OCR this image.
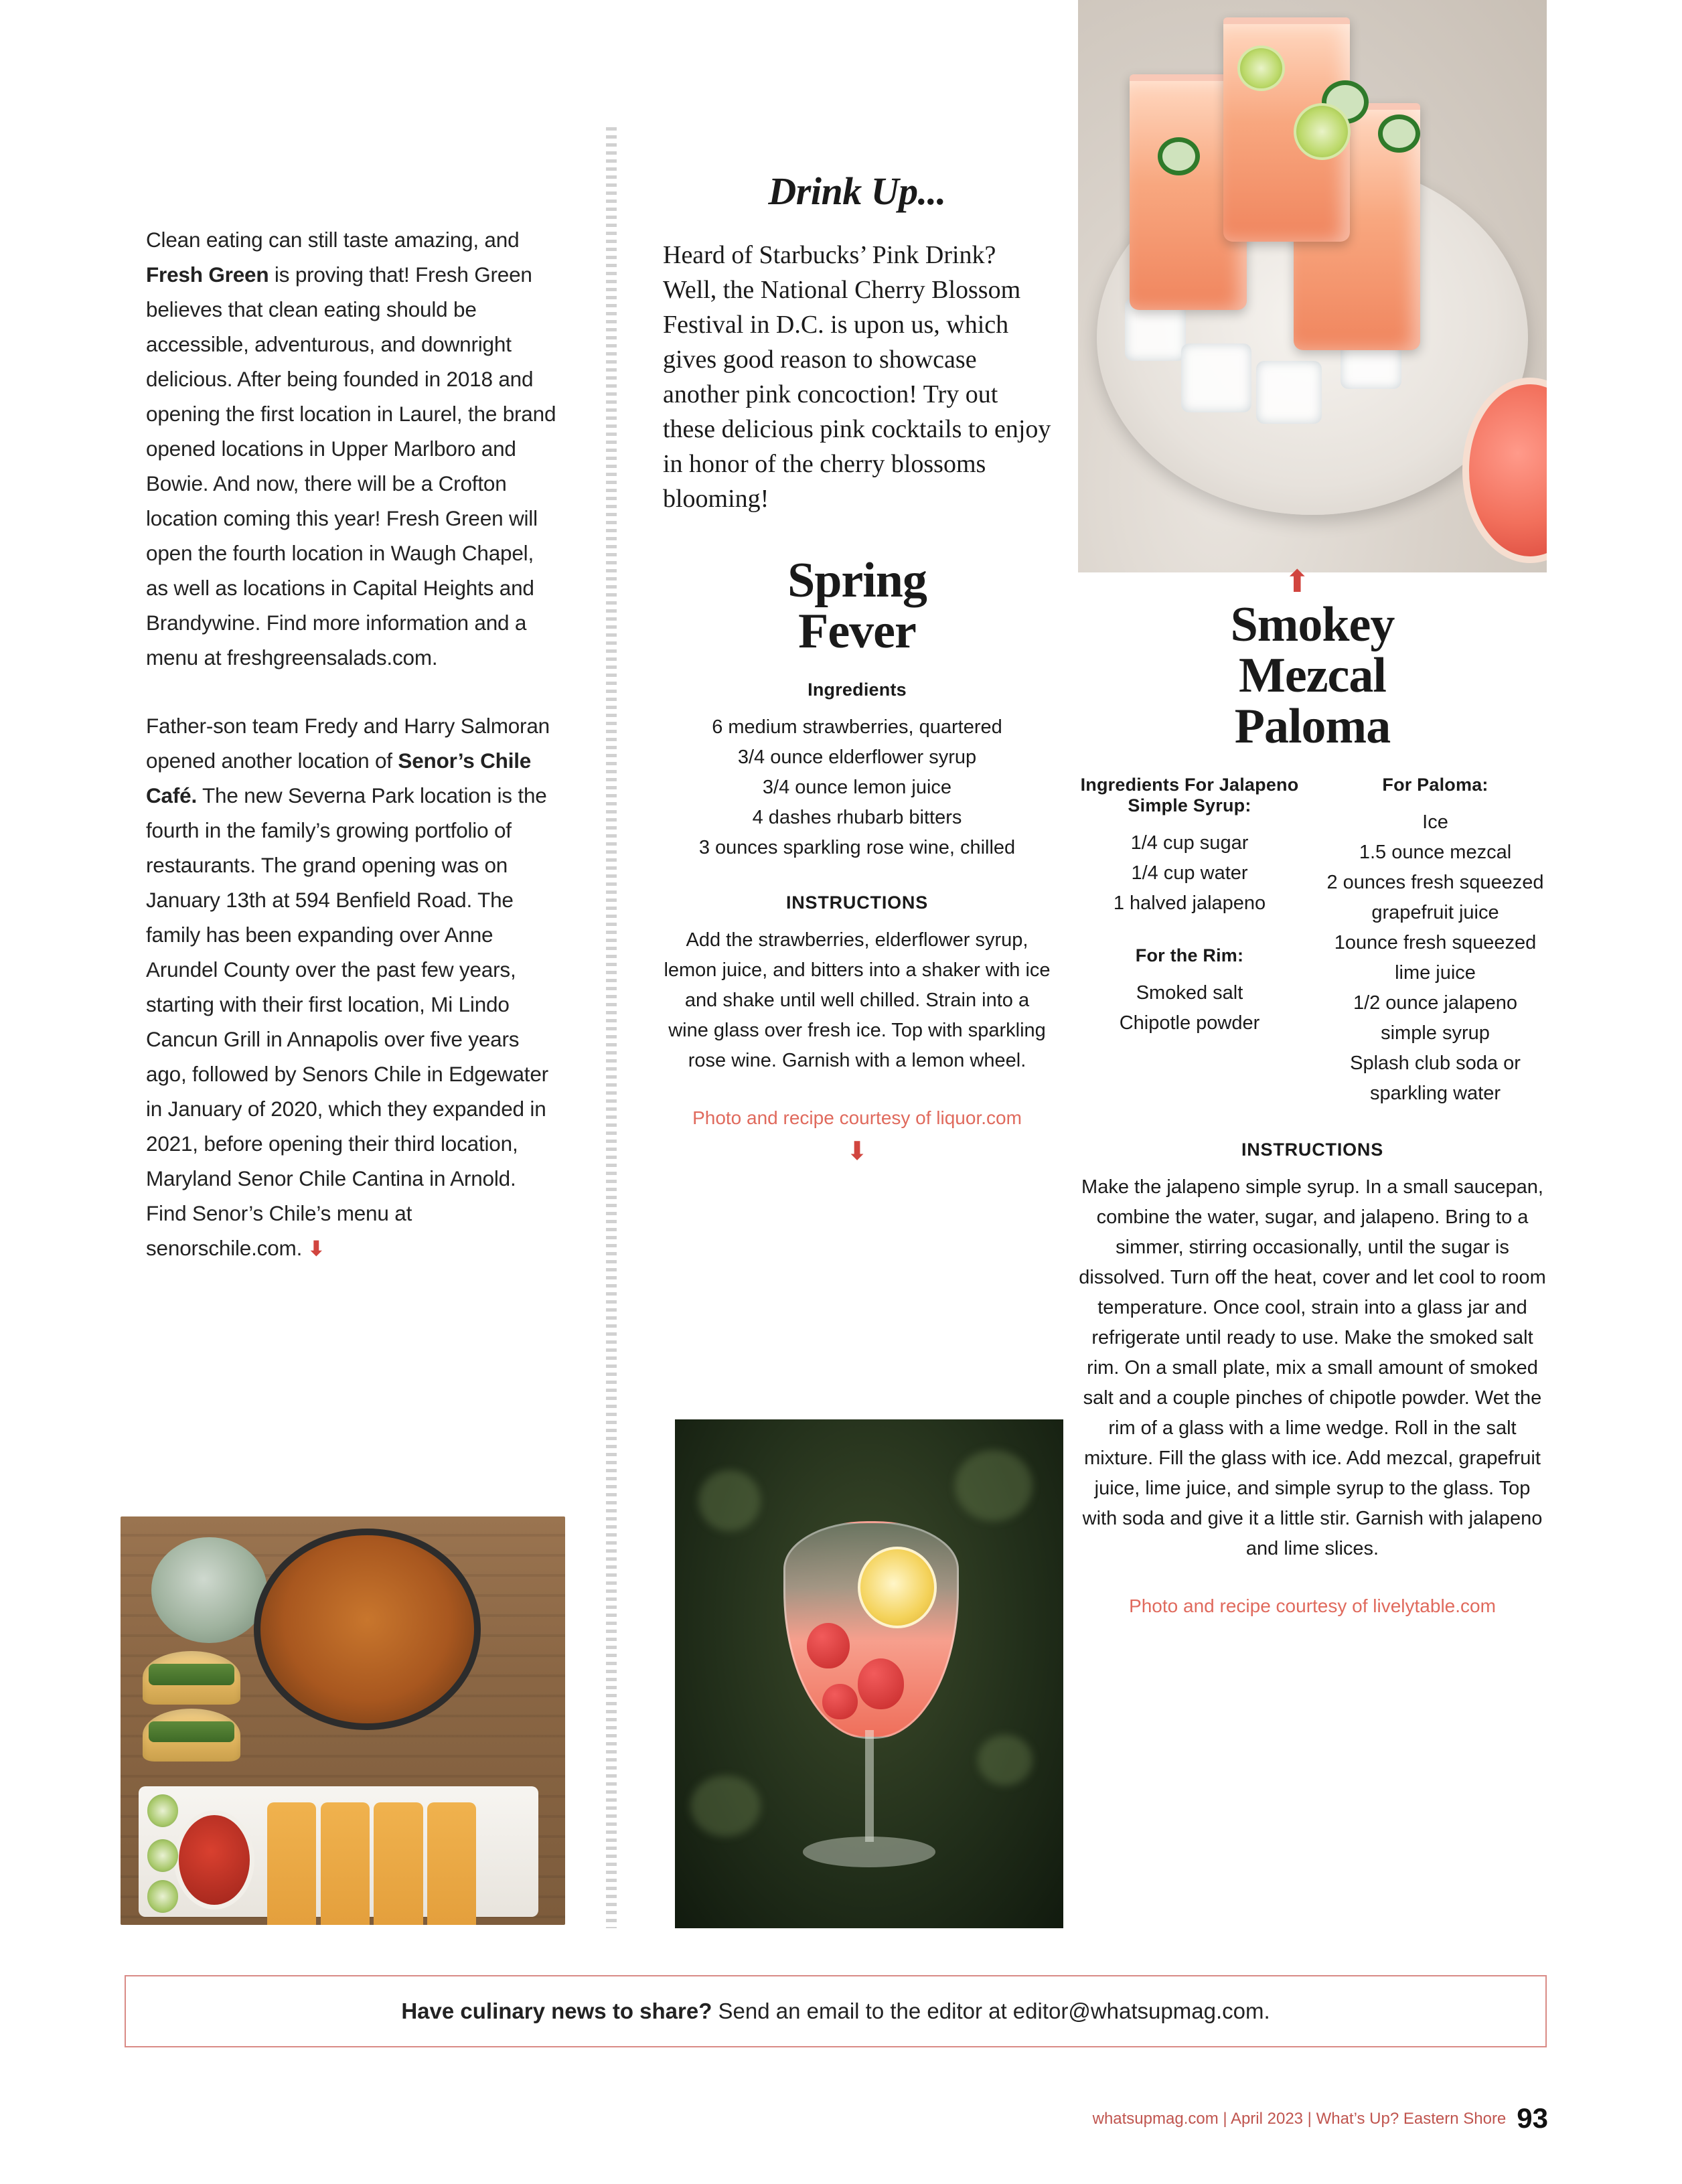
Clean eating can still taste amazing, and Fresh Green is proving that! Fresh Green believes that clean eating should be accessible, adventurous, and downright delicious. After being founded in 2018 and opening the first location in Laurel, the brand opened locations in Upper Marlboro and Bowie. And now, there will be a Crofton location coming this year! Fresh Green will open the fourth location in Waugh Chapel, as well as locations in Capital Heights and Brandywine. Find more information and a menu at freshgreensalads.com.

Father-son team Fredy and Harry Salmoran opened another location of Senor’s Chile Café. The new Severna Park location is the fourth in the family’s growing portfolio of restaurants. The grand opening was on January 13th at 594 Benfield Road. The family has been expanding over Anne Arundel County over the past few years, starting with their first location, Mi Lindo Cancun Grill in Annapolis over five years ago, followed by Senors Chile in Edgewater in January of 2020, which they expanded in 2021, before opening their third location, Maryland Senor Chile Cantina in Arnold. Find Senor’s Chile’s menu at senorschile.com. ⬇

Drink Up...

Heard of Starbucks’ Pink Drink? Well, the National Cherry Blossom Festival in D.C. is upon us, which gives good reason to showcase another pink concoction! Try out these delicious pink cocktails to enjoy in honor of the cherry blossoms blooming!

Spring
Fever
Ingredients
6 medium strawberries, quartered
3/4 ounce elderflower syrup
3/4 ounce lemon juice
4 dashes rhubarb bitters
3 ounces sparkling rose wine, chilled
INSTRUCTIONS

Add the strawberries, elderflower syrup, lemon juice, and bitters into a shaker with ice and shake until well chilled. Strain into a wine glass over fresh ice. Top with sparkling rose wine. Garnish with a lemon wheel.

Photo and recipe courtesy of liquor.com

⬇
⬆
Smokey
Mezcal
Paloma
Ingredients For Jalapeno Simple Syrup:
1/4 cup sugar
1/4 cup water
1 halved jalapeno
For the Rim:
Smoked salt
Chipotle powder
For Paloma:
Ice
1.5 ounce mezcal
2 ounces fresh squeezed grapefruit juice
1ounce fresh squeezed lime juice
1/2 ounce jalapeno simple syrup
Splash club soda or sparkling water
INSTRUCTIONS

Make the jalapeno simple syrup. In a small saucepan, combine the water, sugar, and jalapeno. Bring to a simmer, stirring occasionally, until the sugar is dissolved. Turn off the heat, cover and let cool to room temperature. Once cool, strain into a glass jar and refrigerate until ready to use. Make the smoked salt rim. On a small plate, mix a small amount of smoked salt and a couple pinches of chipotle powder. Wet the rim of a glass with a lime wedge. Roll in the salt mixture. Fill the glass with ice. Add mezcal, grapefruit juice, lime juice, and simple syrup to the glass. Top with soda and give it a little stir. Garnish with jalapeno and lime slices.

Photo and recipe courtesy of livelytable.com

Have culinary news to share? Send an email to the editor at editor@whatsupmag.com.
whatsupmag.com | April 2023 | What’s Up? Eastern Shore 93
